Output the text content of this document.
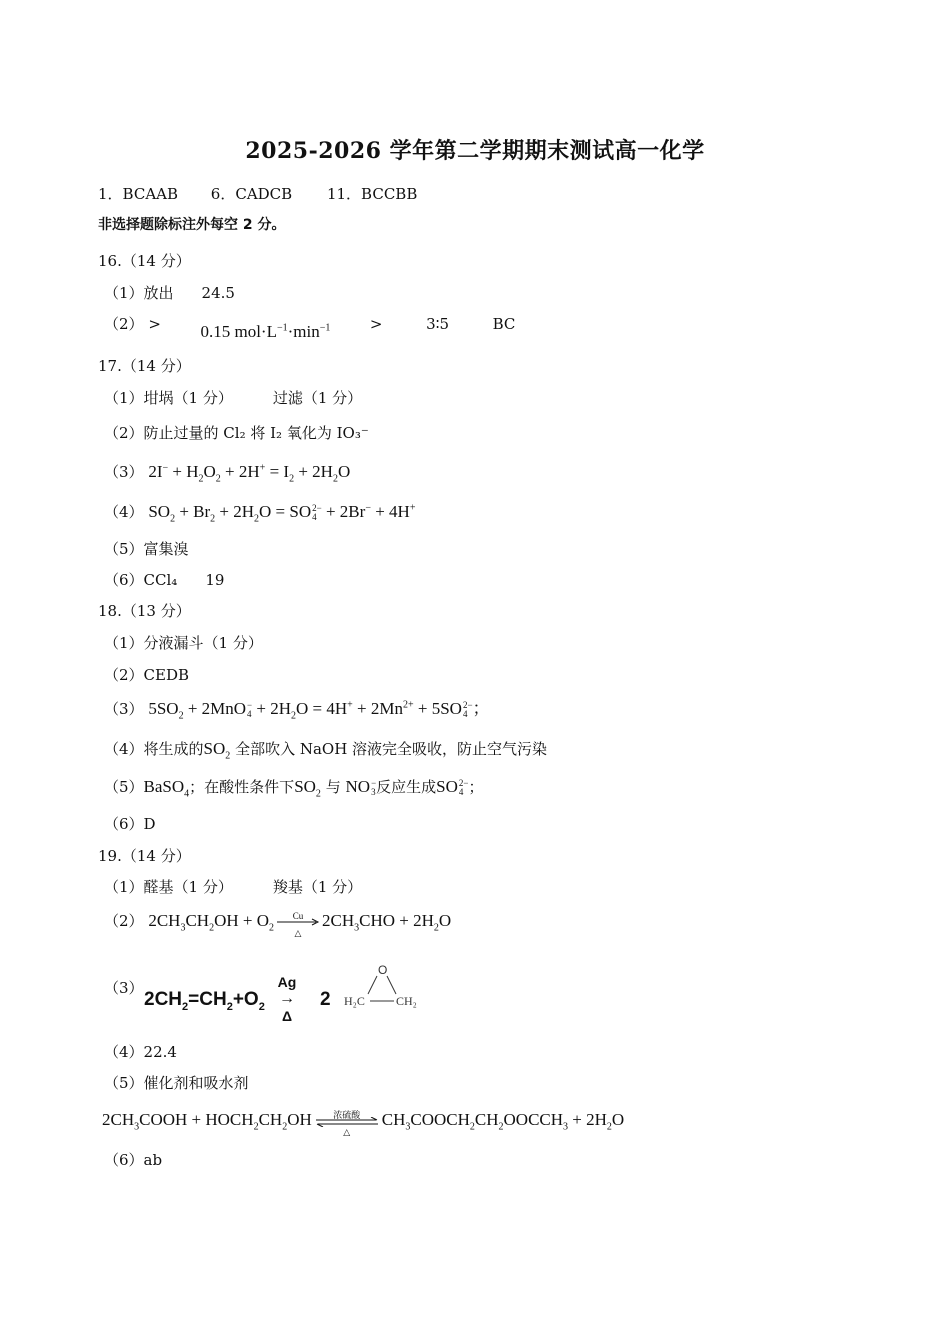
2025-2026 学年第二学期期末测试高一化学
1．BCAAB 6．CADCB 11．BCCBB
非选择题除标注外每空 2 分。
16.（14 分）
（1）放出 24.5
（2） > 0.15 $mol\cdot L^{-1}\cdot\min^{-1}$	>	3∶5	BC
17.（14 分）
（1）坩埚（1 分）	过滤（1 分）
（2）防止过量的 Cl₂ 将 I₂ 氧化为 IO₃⁻
（3） $2I^- + H_2O_2 + 2H^+ = I_2 + 2H_2O$
（4） $SO_2 + Br_2 + 2H_2O$ = SO 2−
4 + 2Br− + 4H+
（5）富集溴
（6）CCl₄ 19
18.（13 分）
（1）分液漏斗（1 分）
（2）CEDB
（3） $5SO_2 + 2MnO$ −
$4 + 2H_2O = 4H^+ + 2Mn^{2+} + 5SO$ 2−
4 ；
（4）将生成的$SO_2$ 全部吹入 NaOH 溶液完全吸收，防止空气污染
（5）BaSO$_4$；在酸性条件下$SO_2$ 与 NO −
3 反应生成SO 2−
4 ；
（6）D
19.（14 分）
（1）醛基（1 分）	羧基（1 分）
（2） $2CH_3CH_2OH + O_2$
Cu
△
$2CH_3CHO + 2H_2O$
（3）
$2CH_2=CH_2+O_2$
Ag
→
Δ
2
O
H₂C	CH₂
（4）22.4
（5）催化剂和吸水剂
$2CH_3COOH$ + $HOCH_2CH_2OH$	浓硫酸
△
$CH_3COOCH_2CH_2OOCCH_3 + 2H_2O$
（6）ab
